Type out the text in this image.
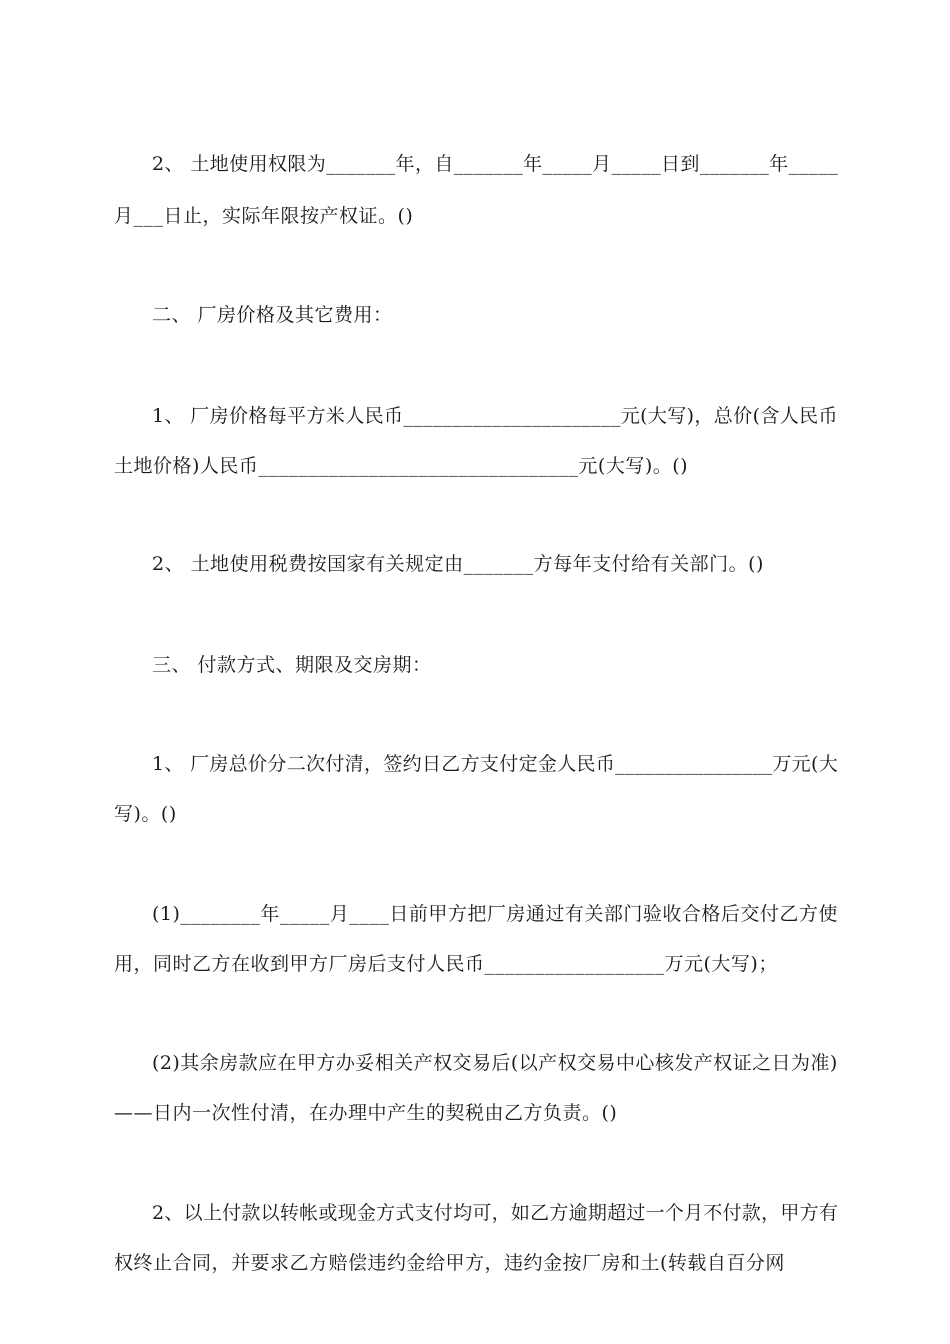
2、 土地使用权限为_______年，自_______年_____月_____日到_______年_____
月___日止，实际年限按产权证。()
二、 厂房价格及其它费用：
1、 厂房价格每平方米人民币______________________元(大写)，总价(含人民币
土地价格)人民币________________________________元(大写)。()
2、 土地使用税费按国家有关规定由_______方每年支付给有关部门。()
三、 付款方式、期限及交房期：
1、 厂房总价分二次付清，签约日乙方支付定金人民币________________万元(大
写)。()
(1)________年_____月____日前甲方把厂房通过有关部门验收合格后交付乙方使
用，同时乙方在收到甲方厂房后支付人民币__________________万元(大写)；
(2)其余房款应在甲方办妥相关产权交易后(以产权交易中心核发产权证之日为准)
——日内一次性付清，在办理中产生的契税由乙方负责。()
2、以上付款以转帐或现金方式支付均可，如乙方逾期超过一个月不付款，甲方有
权终止合同，并要求乙方赔偿违约金给甲方，违约金按厂房和土(转载自百分网
